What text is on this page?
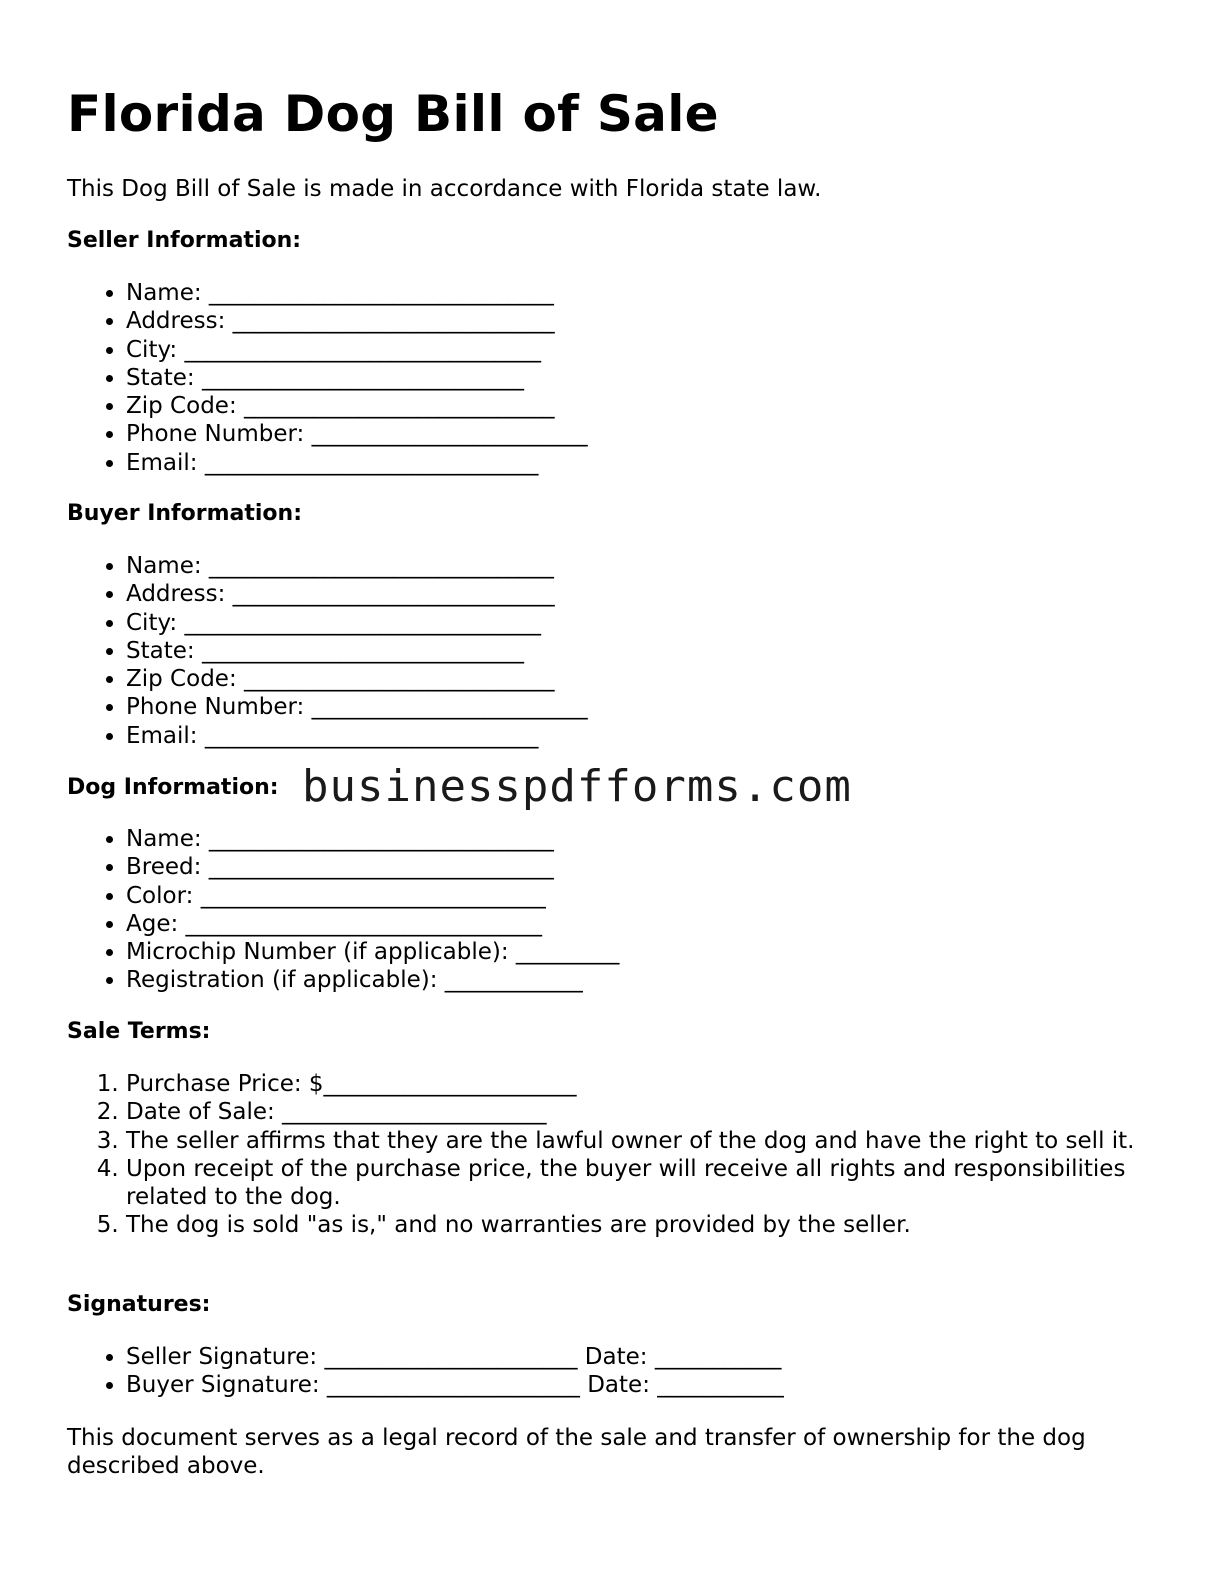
Florida Dog Bill of Sale

This Dog Bill of Sale is made in accordance with Florida state law.

Seller Information:

• Name: ______________________________
• Address: ____________________________
• City: _______________________________
• State: ____________________________
• Zip Code: ___________________________
• Phone Number: ________________________
• Email: _____________________________

Buyer Information:

• Name: ______________________________
• Address: ____________________________
• City: _______________________________
• State: ____________________________
• Zip Code: ___________________________
• Phone Number: ________________________
• Email: _____________________________

Dog Information: businesspdfforms.com
• Name: ______________________________
• Breed: ______________________________
• Color: ______________________________
• Age: _______________________________
• Microchip Number (if applicable): _________
• Registration (if applicable): ____________

Sale Terms:

1. Purchase Price: $______________________
2. Date of Sale: _______________________
3. The seller affirms that they are the lawful owner of the dog and have the right to sell it.
4. Upon receipt of the purchase price, the buyer will receive all rights and responsibilities related to the dog.
5. The dog is sold "as is," and no warranties are provided by the seller.

Signatures:

• Seller Signature: ______________________ Date: ___________
• Buyer Signature: ______________________ Date: ___________

This document serves as a legal record of the sale and transfer of ownership for the dog described above.
